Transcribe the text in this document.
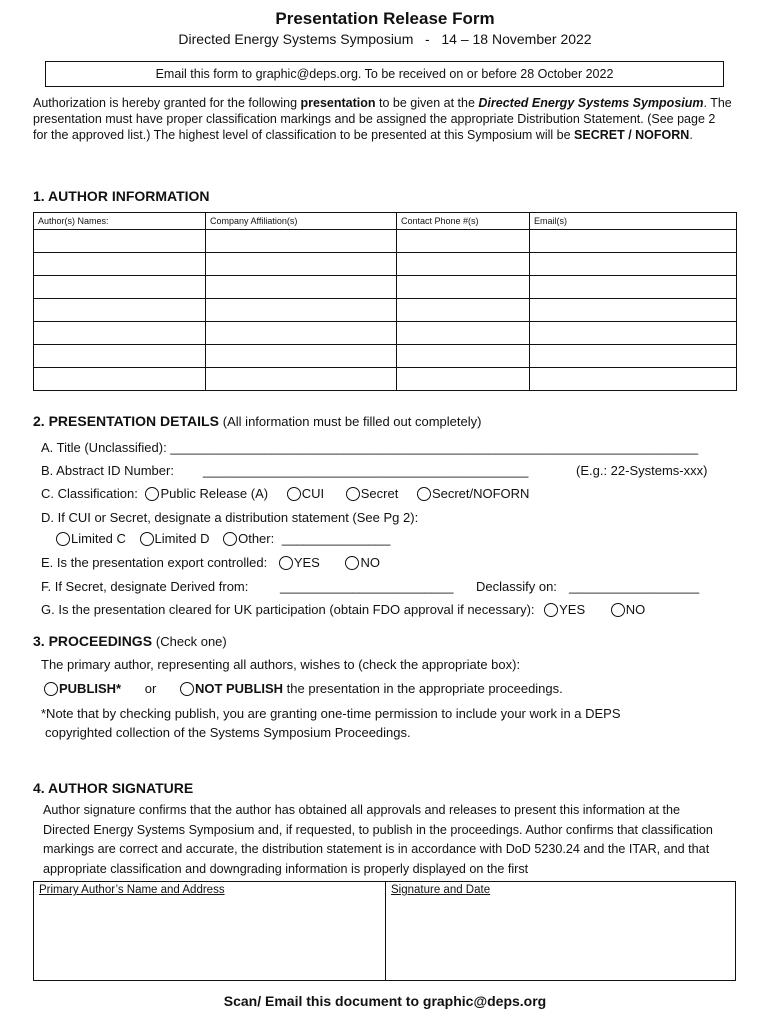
Presentation Release Form
Directed Energy Systems Symposium   -   14 – 18 November 2022
Email this form to graphic@deps.org. To be received on or before 28 October 2022
Authorization is hereby granted for the following presentation to be given at the Directed Energy Systems Symposium. The presentation must have proper classification markings and be assigned the appropriate Distribution Statement. (See page 2 for the approved list.) The highest level of classification to be presented at this Symposium will be SECRET / NOFORN.
1. AUTHOR INFORMATION
Author(s) Names:	Company Affiliation(s)	Contact Phone #(s)	Email(s)

2. PRESENTATION DETAILS (All information must be filled out completely)
A. Title (Unclassified): _________________________________________________________________________
B. Abstract ID Number: _____________________________________________	(E.g.: 22-Systems-xxx)
C. Classification: Public Release (A)	CUI	Secret	Secret/NOFORN
D. If CUI or Secret, designate a distribution statement (See Pg 2):
Limited C Limited D Other: _______________
E. Is the presentation export controlled: YES	NO
F. If Secret, designate Derived from: ________________________ Declassify on: __________________
G. Is the presentation cleared for UK participation (obtain FDO approval if necessary): YES	NO
3. PROCEEDINGS (Check one)
The primary author, representing all authors, wishes to (check the appropriate box):
PUBLISH* or	NOT PUBLISH the presentation in the appropriate proceedings.
*Note that by checking publish, you are granting one-time permission to include your work in a DEPS
copyrighted collection of the Systems Symposium Proceedings.
4. AUTHOR SIGNATURE
Author signature confirms that the author has obtained all approvals and releases to present this information at the Directed Energy Systems Symposium and, if requested, to publish in the proceedings. Author confirms that classification markings are correct and accurate, the distribution statement is in accordance with DoD 5230.24 and the ITAR, and that appropriate classification and downgrading information is properly displayed on the first
Primary Author’s Name and Address	Signature and Date
Scan/ Email this document to graphic@deps.org
